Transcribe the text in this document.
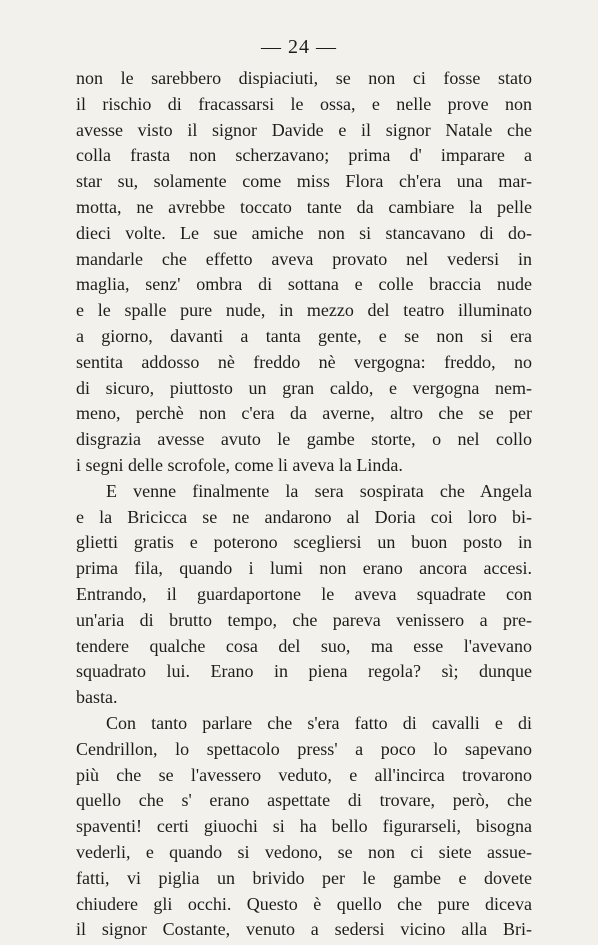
— 24 —
non le sarebbero dispiaciuti, se non ci fosse stato
il rischio di fracassarsi le ossa, e nelle prove non
avesse visto il signor Davide e il signor Natale che
colla frasta non scherzavano; prima d' imparare a
star su, solamente come miss Flora ch'era una mar-
motta, ne avrebbe toccato tante da cambiare la pelle
dieci volte. Le sue amiche non si stancavano di do-
mandarle che effetto aveva provato nel vedersi in
maglia, senz' ombra di sottana e colle braccia nude
e le spalle pure nude, in mezzo del teatro illuminato
a giorno, davanti a tanta gente, e se non si era
sentita addosso nè freddo nè vergogna: freddo, no
di sicuro, piuttosto un gran caldo, e vergogna nem-
meno, perchè non c'era da averne, altro che se per
disgrazia avesse avuto le gambe storte, o nel collo
i segni delle scrofole, come li aveva la Linda.
E venne finalmente la sera sospirata che Angela
e la Bricicca se ne andarono al Doria coi loro bi-
glietti gratis e poterono scegliersi un buon posto in
prima fila, quando i lumi non erano ancora accesi.
Entrando, il guardaportone le aveva squadrate con
un'aria di brutto tempo, che pareva venissero a pre-
tendere qualche cosa del suo, ma esse l'avevano
squadrato lui. Erano in piena regola? sì; dunque
basta.
Con tanto parlare che s'era fatto di cavalli e di
Cendrillon, lo spettacolo press' a poco lo sapevano
più che se l'avessero veduto, e all'incirca trovarono
quello che s' erano aspettate di trovare, però, che
spaventi! certi giuochi si ha bello figurarseli, bisogna
vederli, e quando si vedono, se non ci siete assue-
fatti, vi piglia un brivido per le gambe e dovete
chiudere gli occhi. Questo è quello che pure diceva
il signor Costante, venuto a sedersi vicino alla Bri-
